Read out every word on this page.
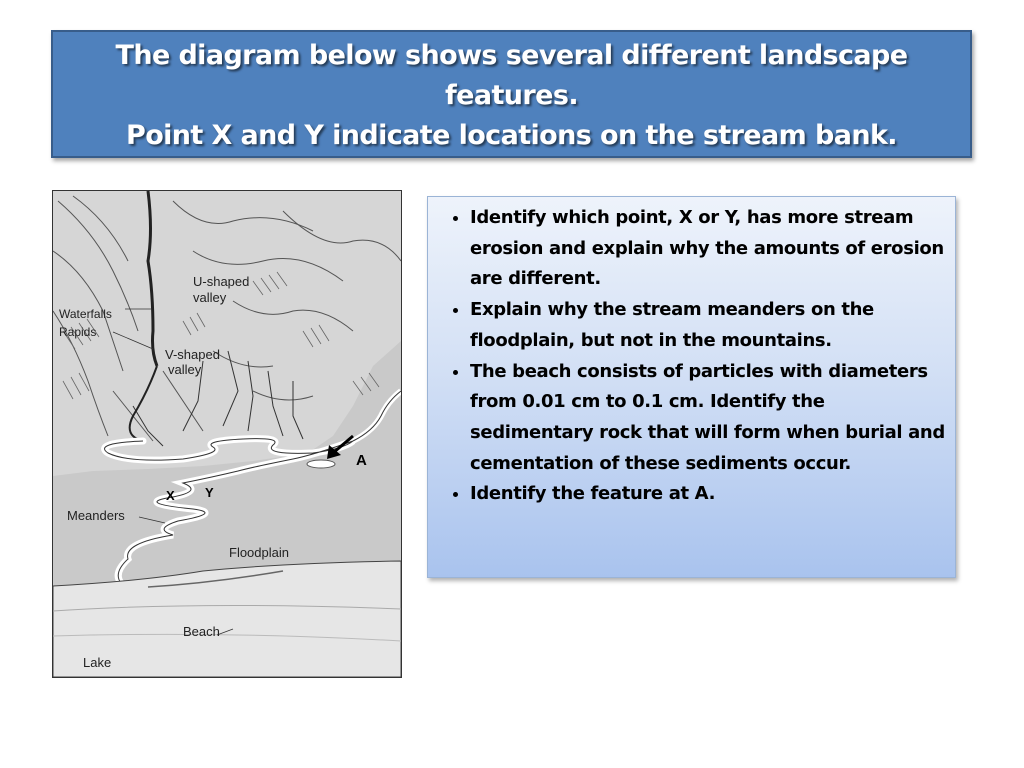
The diagram below shows several different landscape features.
Point X and Y indicate locations on the stream bank.
U-shaped
valley
Waterfalls
Rapids
V-shaped
valley
Meanders
Floodplain
Beach
Lake
X Y
A
• Identify which point, X or Y, has more stream erosion and explain why the amounts of erosion are different.
• Explain why the stream meanders on the floodplain, but not in the mountains.
• The beach consists of particles with diameters from 0.01 cm to 0.1 cm. Identify the sedimentary rock that will form when burial and cementation of these sediments occur.
• Identify the feature at A.
